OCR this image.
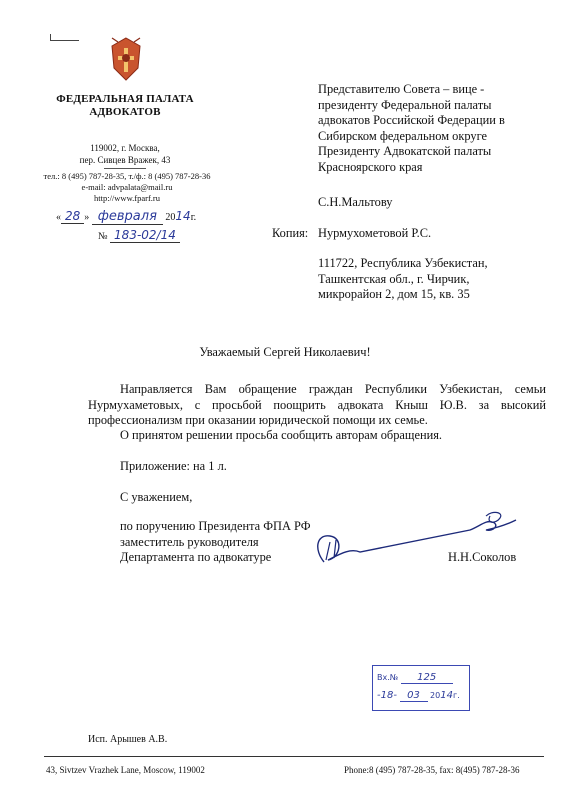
ФЕДЕРАЛЬНАЯ ПАЛАТА
АДВОКАТОВ
119002, г. Москва,
пер. Сивцев Вражек, 43
тел.: 8 (495) 787-28-35, т./ф.: 8 (495) 787-28-36
e-mail: advpalata@mail.ru
http://www.fparf.ru
« 28 » февраля 2014г.
№ 183-02/14
Представителю Совета – вице -
президенту Федеральной палаты
адвокатов Российской Федерации в
Сибирском федеральном округе
Президенту Адвокатской палаты
Красноярского края
С.Н.Мальтову
Копия: Нурмухометовой Р.С.
111722, Республика Узбекистан,
Ташкентская обл., г. Чирчик,
микрорайон 2, дом 15, кв. 35
Уважаемый Сергей Николаевич!
Направляется Вам обращение граждан Республики Узбекистан, семьи
Нурмухаметовых, с просьбой поощрить адвоката Кныш Ю.В. за высокий
профессионализм при оказании юридической помощи их семье.
О принятом решении просьба сообщить авторам обращения.
Приложение: на 1 л.
С уважением,
по поручению Президента ФПА РФ
заместитель руководителя
Департамента по адвокатуре	Н.Н.Соколов
Вх.№ 125
-18- 03 2014г.
Исп. Арышев А.В.
43, Sivtzev Vrazhek Lane, Moscow, 119002	Phone:8 (495) 787-28-35, fax: 8(495) 787-28-36
